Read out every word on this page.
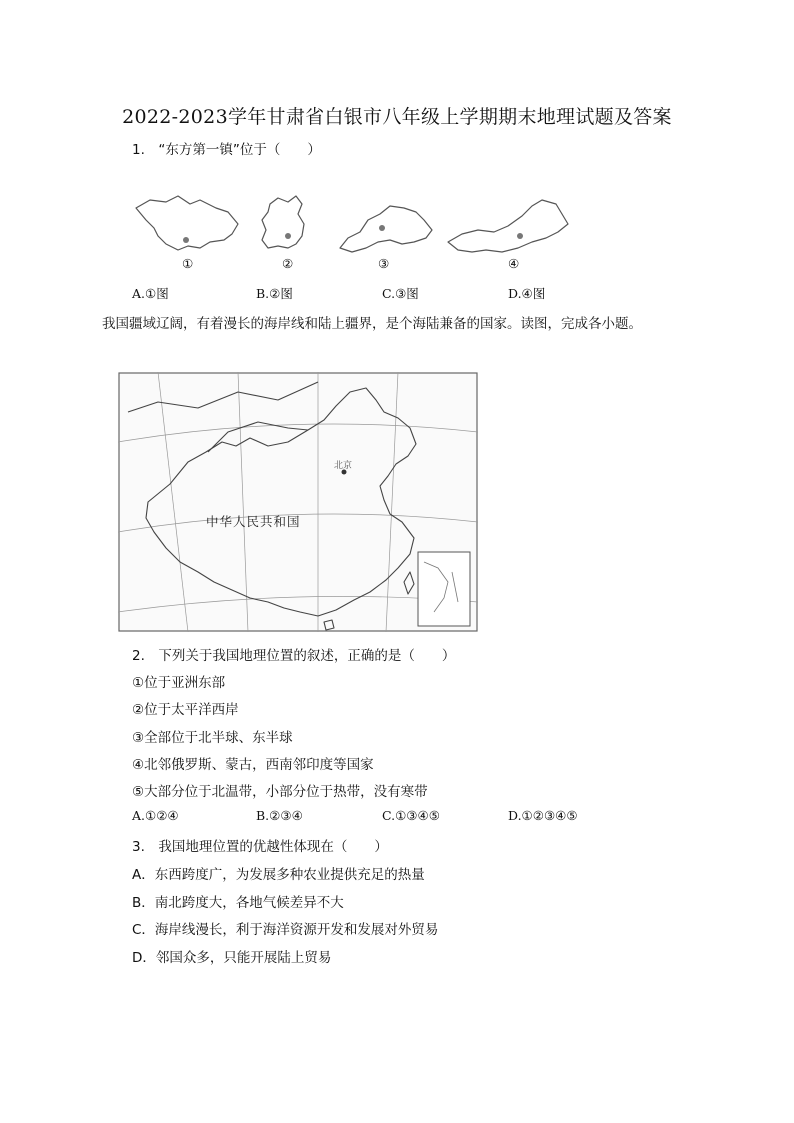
2022-2023学年甘肃省白银市八年级上学期期末地理试题及答案
1.　“东方第一镇”位于（　　）
①	②	③	④
A.①图	B.②图	C.③图	D.④图
我国疆域辽阔，有着漫长的海岸线和陆上疆界，是个海陆兼备的国家。读图，完成各小题。
北京
中华人民共和国
2.　下列关于我国地理位置的叙述，正确的是（　　）
①位于亚洲东部
②位于太平洋西岸
③全部位于北半球、东半球
④北邻俄罗斯、蒙古，西南邻印度等国家
⑤大部分位于北温带，小部分位于热带，没有寒带
A.①②④	B.②③④	C.①③④⑤	D.①②③④⑤
3.　我国地理位置的优越性体现在（　　）
A．东西跨度广，为发展多种农业提供充足的热量
B．南北跨度大，各地气候差异不大
C．海岸线漫长，利于海洋资源开发和发展对外贸易
D．邻国众多，只能开展陆上贸易
